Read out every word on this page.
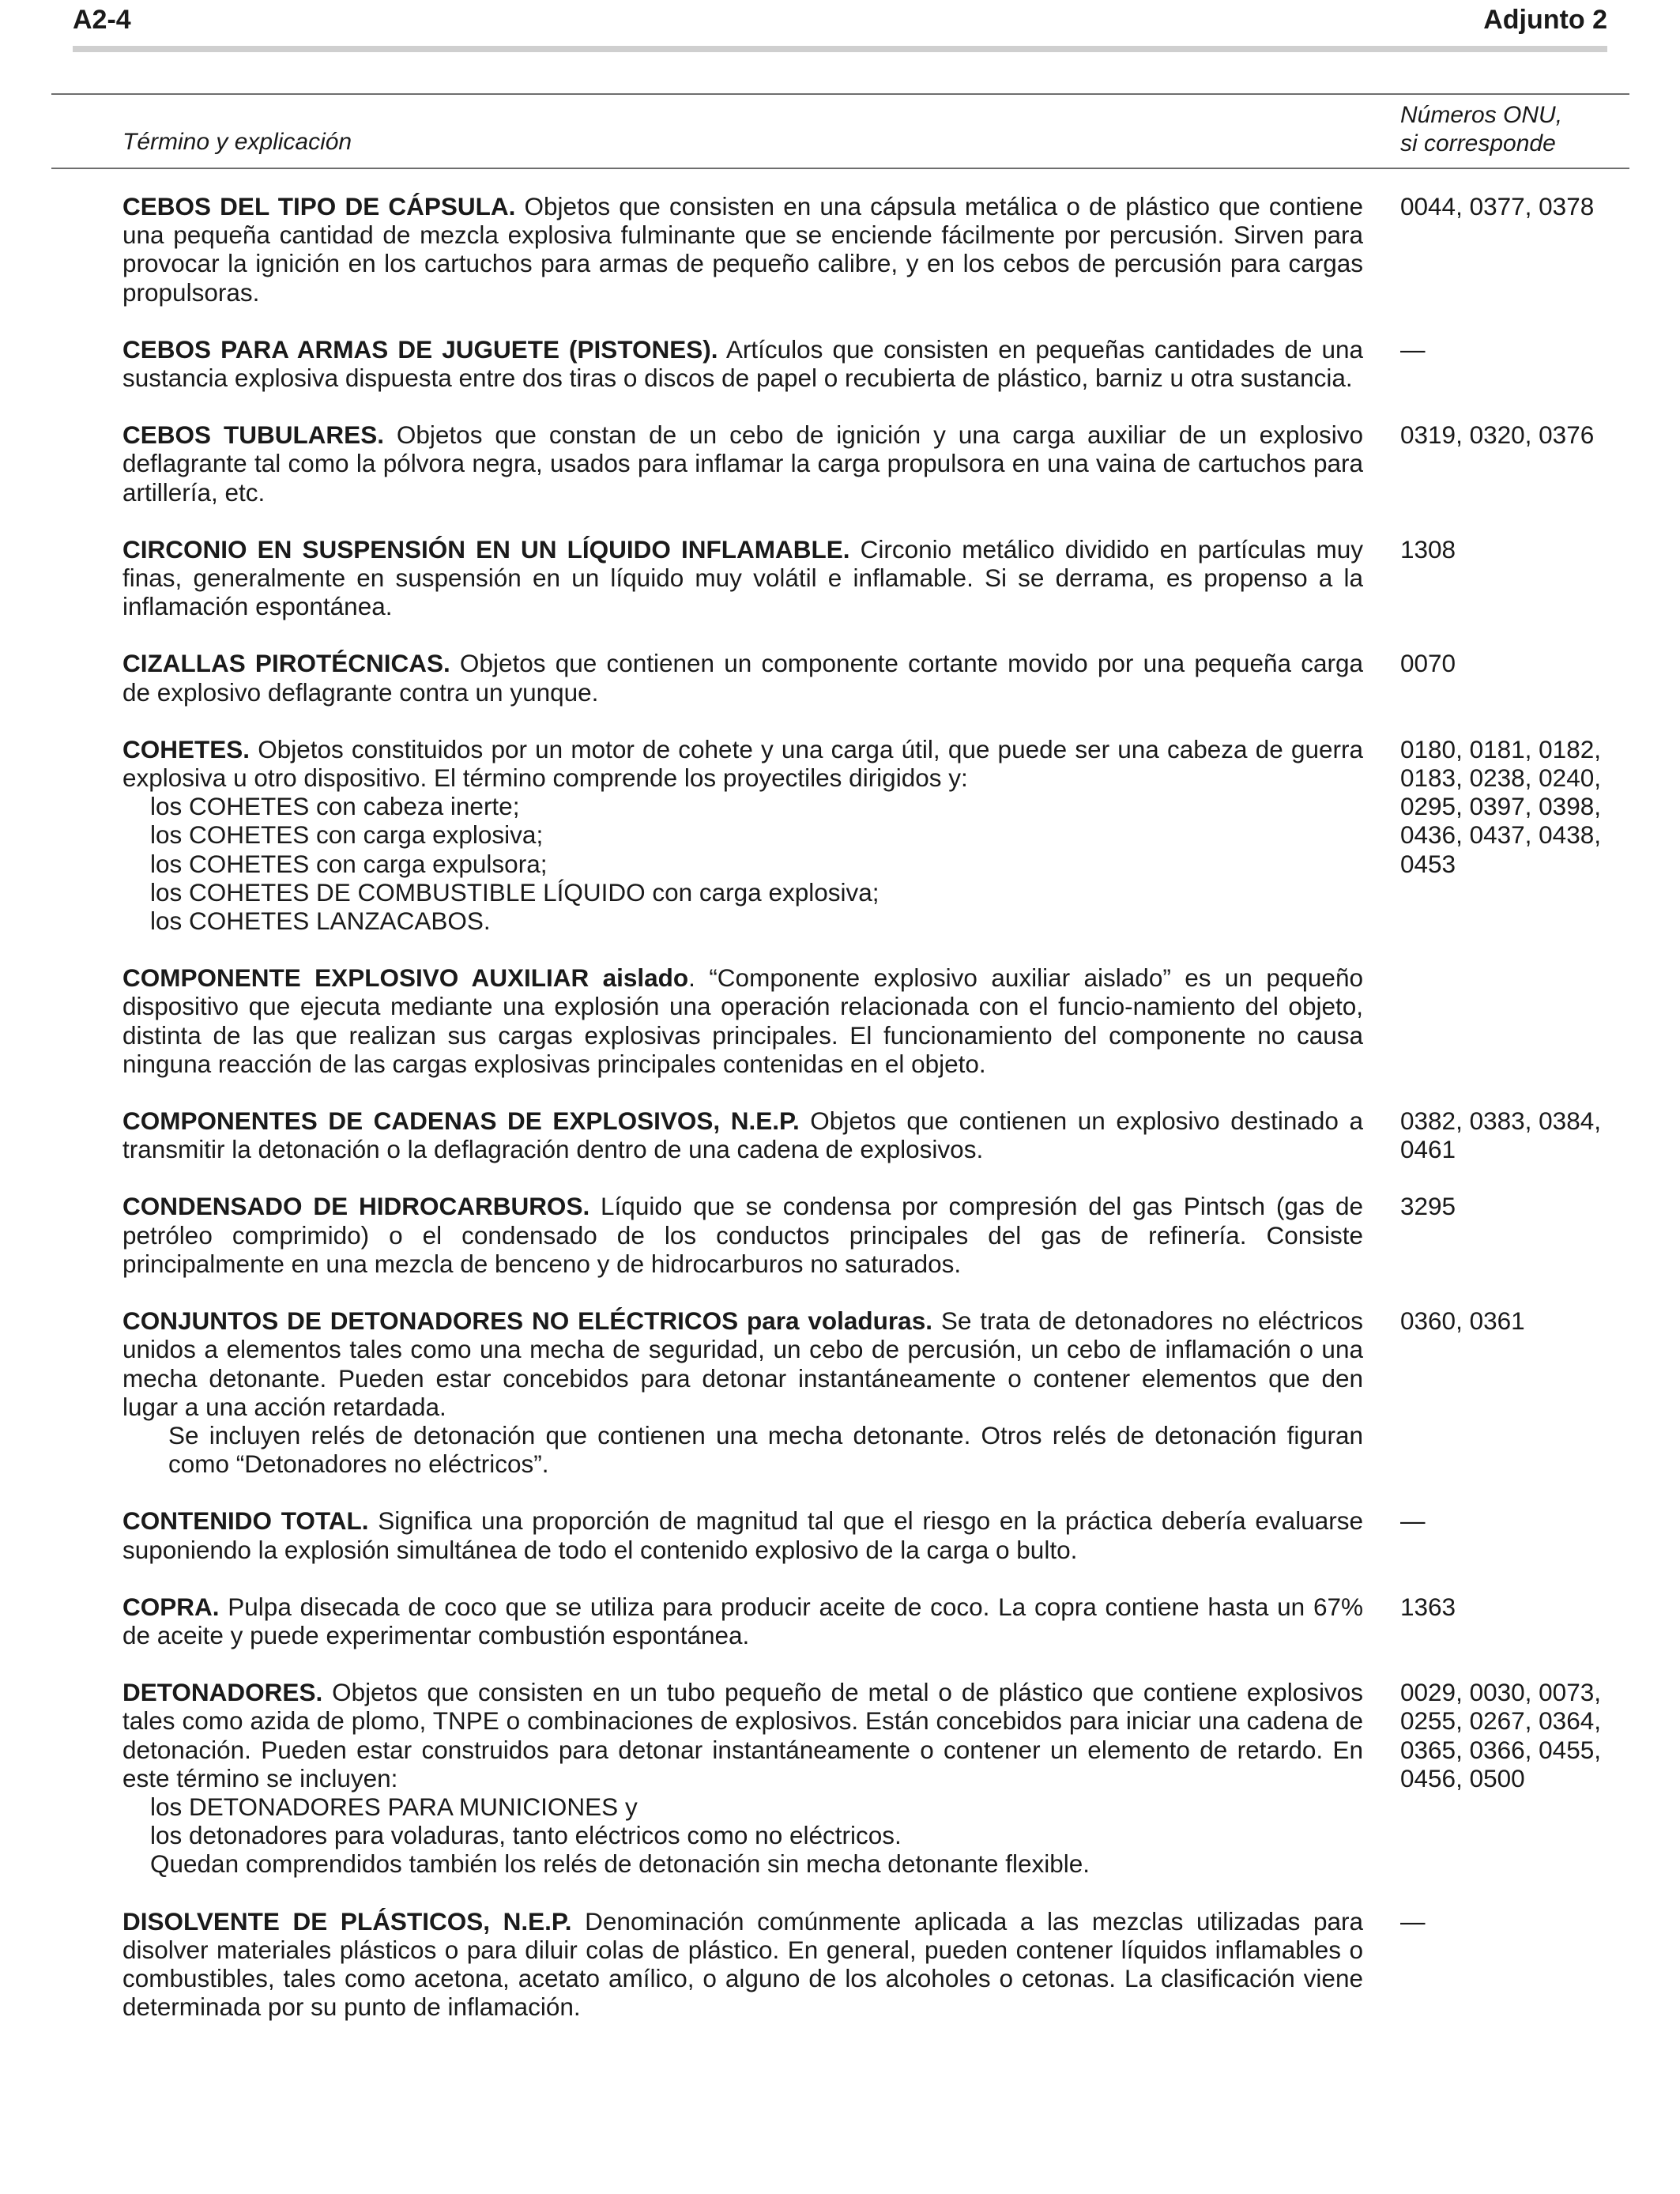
A2-4	Adjunto 2
Término y explicación
Números ONU,
si corresponde

CEBOS DEL TIPO DE CÁPSULA. Objetos que consisten en una cápsula metálica o de plástico que contiene una pequeña cantidad de mezcla explosiva fulminante que se enciende fácilmente por percusión. Sirven para provocar la ignición en los cartuchos para armas de pequeño calibre, y en los cebos de percusión para cargas propulsoras.

0044, 0377, 0378

CEBOS PARA ARMAS DE JUGUETE (PISTONES). Artículos que consisten en pequeñas cantidades de una sustancia explosiva dispuesta entre dos tiras o discos de papel o recubierta de plástico, barniz u otra sustancia.

—

CEBOS TUBULARES. Objetos que constan de un cebo de ignición y una carga auxiliar de un explosivo deflagrante tal como la pólvora negra, usados para inflamar la carga propulsora en una vaina de cartuchos para artillería, etc.

0319, 0320, 0376

CIRCONIO EN SUSPENSIÓN EN UN LÍQUIDO INFLAMABLE. Circonio metálico dividido en partículas muy finas, generalmente en suspensión en un líquido muy volátil e inflamable. Si se derrama, es propenso a la inflamación espontánea.

1308

CIZALLAS PIROTÉCNICAS. Objetos que contienen un componente cortante movido por una pequeña carga de explosivo deflagrante contra un yunque.

0070

COHETES. Objetos constituidos por un motor de cohete y una carga útil, que puede ser una cabeza de guerra explosiva u otro dispositivo. El término comprende los proyectiles dirigidos y:

los COHETES con cabeza inerte;
los COHETES con carga explosiva;
los COHETES con carga expulsora;
los COHETES DE COMBUSTIBLE LÍQUIDO con carga explosiva;
los COHETES LANZACABOS.
0180, 0181, 0182,
0183, 0238, 0240,
0295, 0397, 0398,
0436, 0437, 0438,
0453

COMPONENTE EXPLOSIVO AUXILIAR aislado. “Componente explosivo auxiliar aislado” es un pequeño dispositivo que ejecuta mediante una explosión una operación relacionada con el funcio-namiento del objeto, distinta de las que realizan sus cargas explosivas principales. El funcionamiento del componente no causa ninguna reacción de las cargas explosivas principales contenidas en el objeto.

COMPONENTES DE CADENAS DE EXPLOSIVOS, N.E.P. Objetos que contienen un explosivo destinado a transmitir la detonación o la deflagración dentro de una cadena de explosivos.

0382, 0383, 0384,
0461

CONDENSADO DE HIDROCARBUROS. Líquido que se condensa por compresión del gas Pintsch (gas de petróleo comprimido) o el condensado de los conductos principales del gas de refinería. Consiste principalmente en una mezcla de benceno y de hidrocarburos no saturados.

3295

CONJUNTOS DE DETONADORES NO ELÉCTRICOS para voladuras. Se trata de detonadores no eléctricos unidos a elementos tales como una mecha de seguridad, un cebo de percusión, un cebo de inflamación o una mecha detonante. Pueden estar concebidos para detonar instantáneamente o contener elementos que den lugar a una acción retardada.

Se incluyen relés de detonación que contienen una mecha detonante. Otros relés de detonación figuran como “Detonadores no eléctricos”.

0360, 0361

CONTENIDO TOTAL. Significa una proporción de magnitud tal que el riesgo en la práctica debería evaluarse suponiendo la explosión simultánea de todo el contenido explosivo de la carga o bulto.

—

COPRA. Pulpa disecada de coco que se utiliza para producir aceite de coco. La copra contiene hasta un 67% de aceite y puede experimentar combustión espontánea.

1363

DETONADORES. Objetos que consisten en un tubo pequeño de metal o de plástico que contiene explosivos tales como azida de plomo, TNPE o combinaciones de explosivos. Están concebidos para iniciar una cadena de detonación. Pueden estar construidos para detonar instantáneamente o contener un elemento de retardo. En este término se incluyen:

los DETONADORES PARA MUNICIONES y
los detonadores para voladuras, tanto eléctricos como no eléctricos.
Quedan comprendidos también los relés de detonación sin mecha detonante flexible.
0029, 0030, 0073,
0255, 0267, 0364,
0365, 0366, 0455,
0456, 0500

DISOLVENTE DE PLÁSTICOS, N.E.P. Denominación comúnmente aplicada a las mezclas utilizadas para disolver materiales plásticos o para diluir colas de plástico. En general, pueden contener líquidos inflamables o combustibles, tales como acetona, acetato amílico, o alguno de los alcoholes o cetonas. La clasificación viene determinada por su punto de inflamación.

—
